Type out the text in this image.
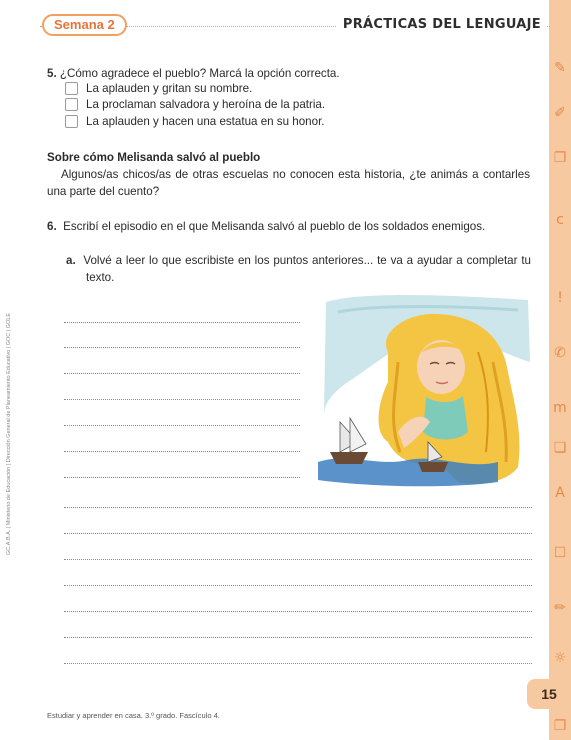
✎
✐
❐
c
!
✆
m
❏
A
☐
✏
☼
❐
Semana 2	PRÁCTICAS DEL LENGUAJE
GC.A.B.A. | Ministerio de Educación | Dirección General de Planeamiento Educativo | GOC | GOLE
5. ¿Cómo agradece el pueblo? Marcá la opción correcta.
La aplauden y gritan su nombre.
La proclaman salvadora y heroína de la patria.
La aplauden y hacen una estatua en su honor.
Sobre cómo Melisanda salvó al pueblo
Algunos/as chicos/as de otras escuelas no conocen esta historia, ¿te animás a contarles una parte del cuento?
6. Escribí el episodio en el que Melisanda salvó al pueblo de los soldados enemigos.
a. Volvé a leer lo que escribiste en los puntos anteriores... te va a ayudar a completar tu texto.
15
Estudiar y aprender en casa. 3.º grado. Fascículo 4.
